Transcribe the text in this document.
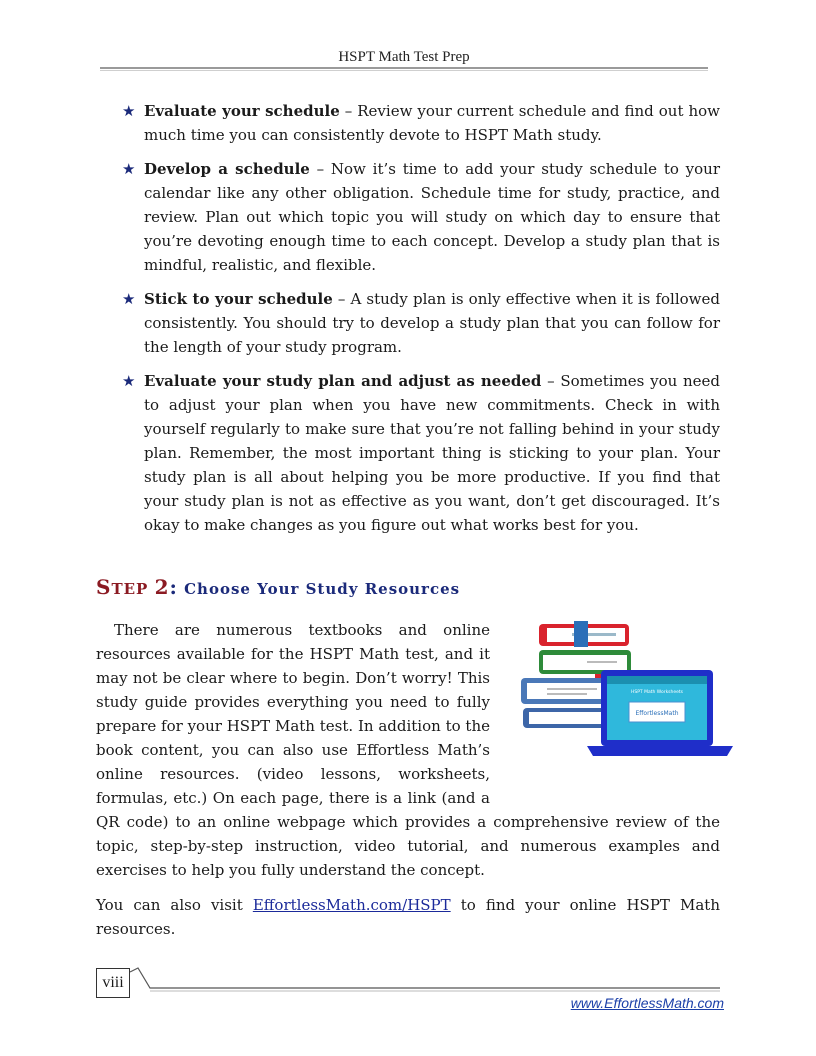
HSPT Math Test Prep
★ Evaluate your schedule – Review your current schedule and find out how much time you can consistently devote to HSPT Math study.
★ Develop a schedule – Now it’s time to add your study schedule to your calendar like any other obligation. Schedule time for study, practice, and review. Plan out which topic you will study on which day to ensure that you’re devoting enough time to each concept. Develop a study plan that is mindful, realistic, and flexible.
★ Stick to your schedule – A study plan is only effective when it is followed consistently. You should try to develop a study plan that you can follow for the length of your study program.
★ Evaluate your study plan and adjust as needed – Sometimes you need to adjust your plan when you have new commitments. Check in with yourself regularly to make sure that you’re not falling behind in your study plan. Remember, the most important thing is sticking to your plan. Your study plan is all about helping you be more productive. If you find that your study plan is not as effective as you want, don’t get discouraged. It’s okay to make changes as you figure out what works best for you.
STEP 2: Choose Your Study Resources

There are numerous textbooks and online resources available for the HSPT Math test, and it may not be clear where to begin. Don’t worry! This study guide provides everything you need to fully prepare for your HSPT Math test. In addition to the book content, you can also use Effortless Math’s online resources. (video lessons, worksheets, formulas, etc.) On each page, there is a link (and a QR code) to an online webpage which provides a comprehensive review of the topic, step-by-step instruction, video tutorial, and numerous examples and exercises to help you fully understand the concept.

HSPT Math Worksheets
EffortlessMath

You can also visit EffortlessMath.com/HSPT to find your online HSPT Math resources.

viii
www.EffortlessMath.com
